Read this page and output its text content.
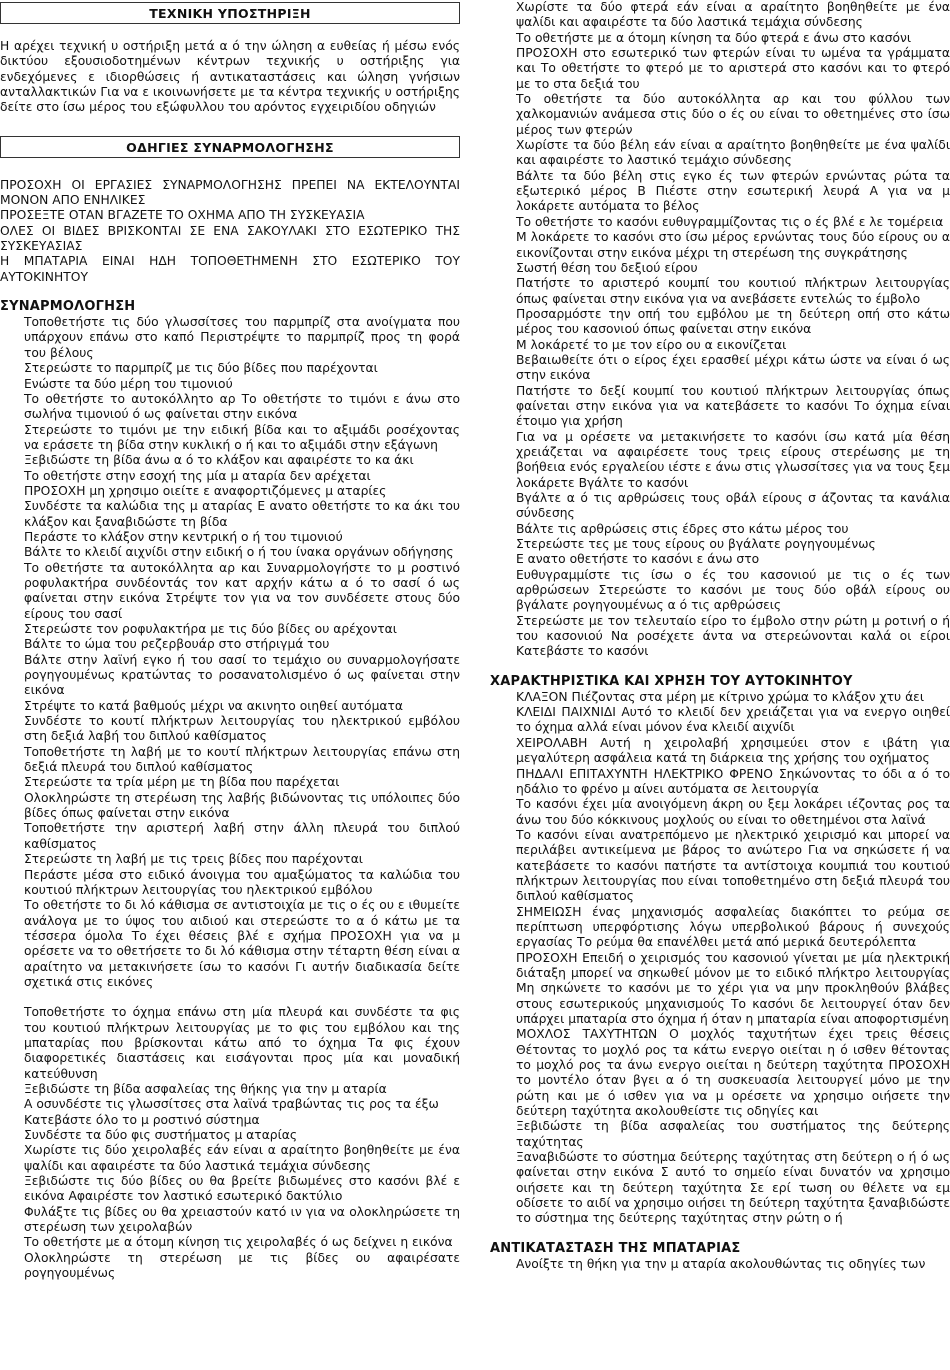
ΤΕΧΝΙΚΗ ΥΠΟΣΤΗΡΙΞΗ

Η αρέχει τεχνική υ οστήριξη μετά α ό την ώληση α ευθείας ή μέσω ενός δικτύου εξουσιοδοτημένων κέντρων τεχνικής υ οστήριξης για ενδεχόμενες ε ιδιορθώσεις ή αντικαταστάσεις και ώληση γνήσιων ανταλλακτικών Για να ε ικοινωνήσετε με τα κέντρα τεχνικής υ οστήριξης δείτε στο ίσω μέρος του εξώφυλλου του αρόντος εγχειριδίου οδηγιών

ΟΔΗΓΙΕΣ ΣΥΝΑΡΜΟΛΟΓΗΣΗΣ

ΠΡΟΣΟΧΗ ΟΙ ΕΡΓΑΣΙΕΣ ΣΥΝΑΡΜΟΛΟΓΗΣΗΣ ΠΡΕΠΕΙ ΝΑ ΕΚΤΕΛΟΥΝΤΑΙ ΜΟΝΟΝ ΑΠΟ ΕΝΗΛΙΚΕΣ

ΠΡΟΣΕΞΤΕ ΟΤΑΝ ΒΓΑΖΕΤΕ ΤΟ ΟΧΗΜΑ ΑΠΟ ΤΗ ΣΥΣΚΕΥΑΣΙΑ

ΟΛΕΣ ΟΙ ΒΙΔΕΣ ΒΡΙΣΚΟΝΤΑΙ ΣΕ ΕΝΑ ΣΑΚΟΥΛΑΚΙ ΣΤΟ ΕΣΩΤΕΡΙΚΟ ΤΗΣ ΣΥΣΚΕΥΑΣΙΑΣ

Η ΜΠΑΤΑΡΙΑ ΕΙΝΑΙ ΗΔΗ ΤΟΠΟΘΕΤΗΜΕΝΗ ΣΤΟ ΕΣΩΤΕΡΙΚΟ ΤΟΥ ΑΥΤΟΚΙΝΗΤΟΥ

ΣΥΝΑΡΜΟΛΟΓΗΣΗ

Τοποθετήστε τις δύο γλωσσίτσες του παρμπρίζ στα ανοίγματα που υπάρχουν επάνω στο καπό Περιστρέψτε το παρμπρίζ προς τη φορά του βέλους

Στερεώστε το παρμπρίζ με τις δύο βίδες που παρέχονται

Ενώστε τα δύο μέρη του τιμονιού

Το οθετήστε το αυτοκόλλητο αρ Το οθετήστε το τιμόνι ε άνω στο σωλήνα τιμονιού ό ως φαίνεται στην εικόνα

Στερεώστε το τιμόνι με την ειδική βίδα και το αξιμάδι ροσέχοντας να εράσετε τη βίδα στην κυκλική ο ή και το αξιμάδι στην εξάγωνη

Ξεβιδώστε τη βίδα άνω α ό το κλάξον και αφαιρέστε το κα άκι

Το οθετήστε στην εσοχή της μία μ αταρία δεν αρέχεται

ΠΡΟΣΟΧΗ μη χρησιμο οιείτε ε αναφορτιζόμενες μ αταρίες

Συνδέστε τα καλώδια της μ αταρίας Ε ανατο οθετήστε το κα άκι του κλάξον και ξαναβιδώστε τη βίδα

Περάστε το κλάξον στην κεντρική ο ή του τιμονιού

Βάλτε το κλειδί αιχνίδι στην ειδική ο ή του ίνακα οργάνων οδήγησης

Το οθετήστε τα αυτοκόλλητα αρ και Συναρμολογήστε το μ ροστινό ροφυλακτήρα συνδέοντάς τον κατ αρχήν κάτω α ό το σασί ό ως φαίνεται στην εικόνα Στρέψτε τον για να τον συνδέσετε στους δύο είρους του σασί

Στερεώστε τον ροφυλακτήρα με τις δύο βίδες ου αρέχονται

Βάλτε το ώμα του ρεζερβουάρ στο στήριγμά του

Βάλτε στην λαϊνή εγκο ή του σασί το τεμάχιο ου συναρμολογήσατε ρογηγουμένως κρατώντας το ροσανατολισμένο ό ως φαίνεται στην εικόνα

Στρέψτε το κατά βαθμούς μέχρι να ακινητο οιηθεί αυτόματα

Συνδέστε το κουτί πλήκτρων λειτουργίας του ηλεκτρικού εμβόλου στη δεξιά λαβή του διπλού καθίσματος

Τοποθετήστε τη λαβή με το κουτί πλήκτρων λειτουργίας επάνω στη δεξιά πλευρά του διπλού καθίσματος

Στερεώστε τα τρία μέρη με τη βίδα που παρέχεται

Ολοκληρώστε τη στερέωση της λαβής βιδώνοντας τις υπόλοιπες δύο βίδες όπως φαίνεται στην εικόνα

Τοποθετήστε την αριστερή λαβή στην άλλη πλευρά του διπλού καθίσματος

Στερεώστε τη λαβή με τις τρεις βίδες που παρέχονται

Περάστε μέσα στο ειδικό άνοιγμα του αμαξώματος τα καλώδια του κουτιού πλήκτρων λειτουργίας του ηλεκτρικού εμβόλου

Το οθετήστε το δι λό κάθισμα σε αντιστοιχία με τις ο ές ου ε ιθυμείτε ανάλογα με το ύψος του αιδιού και στερεώστε το α ό κάτω με τα τέσσερα όμολα Το έχει θέσεις βλέ ε σχήμα ΠΡΟΣΟΧΗ για να μ ορέσετε να το οθετήσετε το δι λό κάθισμα στην τέταρτη θέση είναι α αραίτητο να μετακινήσετε ίσω το κασόνι Γι αυτήν διαδικασία δείτε σχετικά στις εικόνες

Τοποθετήστε το όχημα επάνω στη μία πλευρά και συνδέστε τα φις του κουτιού πλήκτρων λειτουργίας με το φις του εμβόλου και της μπαταρίας που βρίσκονται κάτω από το όχημα Τα φις έχουν διαφορετικές διαστάσεις και εισάγονται προς μία και μοναδική κατεύθυνση

Ξεβιδώστε τη βίδα ασφαλείας της θήκης για την μ αταρία

Α οσυνδέστε τις γλωσσίτσες στα λαϊνά τραβώντας τις ρος τα έξω

Κατεβάστε όλο το μ ροστινό σύστημα

Συνδέστε τα δύο φις συστήματος μ αταρίας

Χωρίστε τις δύο χειρολαβές εάν είναι α αραίτητο βοηθηθείτε με ένα ψαλίδι και αφαιρέστε τα δύο λαστικά τεμάχια σύνδεσης

Ξεβιδώστε τις δύο βίδες ου θα βρείτε βιδωμένες στο κασόνι βλέ ε εικόνα Αφαιρέστε τον λαστικό εσωτερικό δακτύλιο

Φυλάξτε τις βίδες ου θα χρειαστούν κατό ιν για να ολοκληρώσετε τη στερέωση των χειρολαβών

Το οθετήστε με α ότομη κίνηση τις χειρολαβές ό ως δείχνει η εικόνα

Ολοκληρώστε τη στερέωση με τις βίδες ου αφαιρέσατε ρογηγουμένως

Χωρίστε τα δύο φτερά εάν είναι α αραίτητο βοηθηθείτε με ένα ψαλίδι και αφαιρέστε τα δύο λαστικά τεμάχια σύνδεσης

Το οθετήστε με α ότομη κίνηση τα δύο φτερά ε άνω στο κασόνι

ΠΡΟΣΟΧΗ στο εσωτερικό των φτερών είναι τυ ωμένα τα γράμματα και Το οθετήστε το φτερό με το αριστερά στο κασόνι και το φτερό με το στα δεξιά του

Το οθετήστε τα δύο αυτοκόλλητα αρ και του φύλλου των χαλκομανιών ανάμεσα στις δύο ο ές ου είναι το οθετημένες στο ίσω μέρος των φτερών

Χωρίστε τα δύο βέλη εάν είναι α αραίτητο βοηθηθείτε με ένα ψαλίδι και αφαιρέστε το λαστικό τεμάχιο σύνδεσης

Βάλτε τα δύο βέλη στις εγκο ές των φτερών ερνώντας ρώτα τα εξωτερικό μέρος Β Πιέστε στην εσωτερική λευρά Α για να μ λοκάρετε αυτόματα το βέλος

Το οθετήστε το κασόνι ευθυγραμμίζοντας τις ο ές βλέ ε λε τομέρεια

Μ λοκάρετε το κασόνι στο ίσω μέρος ερνώντας τους δύο είρους ου α εικονίζονται στην εικόνα μέχρι τη στερέωση της συγκράτησης

Σωστή θέση του δεξιού είρου

Πατήστε το αριστερό κουμπί του κουτιού πλήκτρων λειτουργίας όπως φαίνεται στην εικόνα για να ανεβάσετε εντελώς το έμβολο

Προσαρμόστε την οπή του εμβόλου με τη δεύτερη οπή στο κάτω μέρος του κασονιού όπως φαίνεται στην εικόνα

Μ λοκάρετέ το με τον είρο ου α εικονίζεται

Βεβαιωθείτε ότι ο είρος έχει ερασθεί μέχρι κάτω ώστε να είναι ό ως στην εικόνα

Πατήστε το δεξί κουμπί του κουτιού πλήκτρων λειτουργίας όπως φαίνεται στην εικόνα για να κατεβάσετε το κασόνι Το όχημα είναι έτοιμο για χρήση

Για να μ ορέσετε να μετακινήσετε το κασόνι ίσω κατά μία θέση χρειάζεται να αφαιρέσετε τους τρεις είρους στερέωσης με τη βοήθεια ενός εργαλείου ιέστε ε άνω στις γλωσσίτσες για να τους ξεμ λοκάρετε Βγάλτε το κασόνι

Βγάλτε α ό τις αρθρώσεις τους οβάλ είρους σ άζοντας τα κανάλια σύνδεσης

Βάλτε τις αρθρώσεις στις έδρες στο κάτω μέρος του

Στερεώστε τες με τους είρους ου βγάλατε ρογηγουμένως

Ε ανατο οθετήστε το κασόνι ε άνω στο

Ευθυγραμμίστε τις ίσω ο ές του κασονιού με τις ο ές των αρθρώσεων Στερεώστε το κασόνι με τους δύο οβάλ είρους ου βγάλατε ρογηγουμένως α ό τις αρθρώσεις

Στερεώστε με τον τελευταίο είρο το έμβολο στην ρώτη μ ροτινή ο ή του κασονιού Να ροσέχετε άντα να στερεώνονται καλά οι είροι Κατεβάστε το κασόνι

ΧΑΡΑΚΤΗΡΙΣΤΙΚΑ ΚΑΙ ΧΡΗΣΗ ΤΟΥ ΑΥΤΟΚΙΝΗΤΟΥ

ΚΛΑΞΟΝ Πιέζοντας στα μέρη με κίτρινο χρώμα το κλάξον χτυ άει

ΚΛΕΙΔΙ ΠΑΙΧΝΙΔΙ Αυτό το κλειδί δεν χρειάζεται για να ενεργο οιηθεί το όχημα αλλά είναι μόνον ένα κλειδί αιχνίδι

ΧΕΙΡΟΛΑΒΗ Αυτή η χειρολαβή χρησιμεύει στον ε ιβάτη για μεγαλύτερη ασφάλεια κατά τη διάρκεια της χρήσης του οχήματος

ΠΗΔΑΛΙ ΕΠΙΤΑΧΥΝΤΗ ΗΛΕΚΤΡΙΚΟ ΦΡΕΝΟ Σηκώνοντας το όδι α ό το ηδάλιο το φρένο μ αίνει αυτόματα σε λειτουργία

Το κασόνι έχει μία ανοιγόμενη άκρη ου ξεμ λοκάρει ιέζοντας ρος τα άνω του δύο κόκκινους μοχλούς ου είναι το οθετημένοι στα λαϊνά

Το κασόνι είναι ανατρεπόμενο με ηλεκτρικό χειρισμό και μπορεί να περιλάβει αντικείμενα με βάρος το ανώτερο Για να σηκώσετε ή να κατεβάσετε το κασόνι πατήστε τα αντίστοιχα κουμπιά του κουτιού πλήκτρων λειτουργίας που είναι τοποθετημένο στη δεξιά πλευρά του διπλού καθίσματος

ΣΗΜΕΙΩΣΗ ένας μηχανισμός ασφαλείας διακόπτει το ρεύμα σε περίπτωση υπερφόρτισης λόγω υπερβολικού βάρους ή συνεχούς εργασίας Το ρεύμα θα επανέλθει μετά από μερικά δευτερόλεπτα

ΠΡΟΣΟΧΗ Επειδή ο χειρισμός του κασονιού γίνεται με μία ηλεκτρική διάταξη μπορεί να σηκωθεί μόνον με το ειδικό πλήκτρο λειτουργίας Μη σηκώνετε το κασόνι με το χέρι για να μην προκληθούν βλάβες στους εσωτερικούς μηχανισμούς Το κασόνι δε λειτουργεί όταν δεν υπάρχει μπαταρία στο όχημα ή όταν η μπαταρία είναι αποφορτισμένη

ΜΟΧΛΟΣ ΤΑΧΥΤΗΤΩΝ Ο μοχλός ταχυτήτων έχει τρεις θέσεις Θέτοντας το μοχλό ρος τα κάτω ενεργο οιείται η ό ισθεν θέτοντας το μοχλό ρος τα άνω ενεργο οιείται η δεύτερη ταχύτητα ΠΡΟΣΟΧΗ το μοντέλο όταν βγει α ό τη συσκευασία λειτουργεί μόνο με την ρώτη και με ό ισθεν για να μ ορέσετε να χρησιμο οιήσετε την δεύτερη ταχύτητα ακολουθείστε τις οδηγίες και

Ξεβιδώστε τη βίδα ασφαλείας του συστήματος της δεύτερης ταχύτητας

Ξαναβιδώστε το σύστημα δεύτερης ταχύτητας στη δεύτερη ο ή ό ως φαίνεται στην εικόνα Σ αυτό το σημείο είναι δυνατόν να χρησιμο οιήσετε και τη δεύτερη ταχύτητα Σε ερί τωση ου θέλετε να εμ οδίσετε το αιδί να χρησιμο οιήσει τη δεύτερη ταχύτητα ξαναβιδώστε το σύστημα της δεύτερης ταχύτητας στην ρώτη ο ή

ΑΝΤΙΚΑΤΑΣΤΑΣΗ ΤΗΣ ΜΠΑΤΑΡΙΑΣ

Ανοίξτε τη θήκη για την μ αταρία ακολουθώντας τις οδηγίες των
